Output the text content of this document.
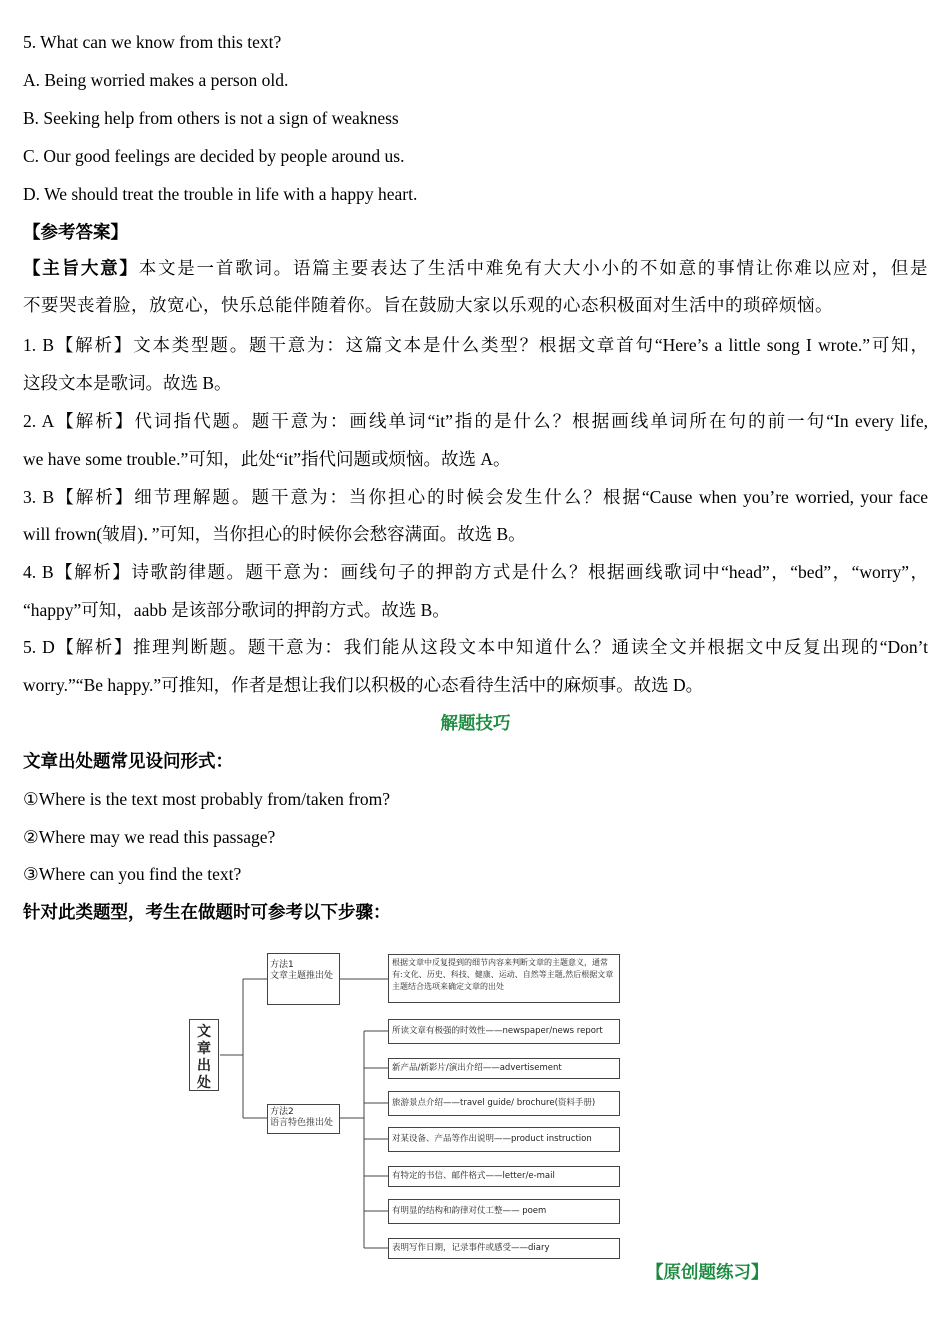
5. What can we know from this text?

A. Being worried makes a person old.

B. Seeking help from others is not a sign of weakness

C. Our good feelings are decided by people around us.

D. We should treat the trouble in life with a happy heart.

【参考答案】

【主旨大意】本文是一首歌词。语篇主要表达了生活中难免有大大小小的不如意的事情让你难以应对，但是

不要哭丧着脸，放宽心，快乐总能伴随着你。旨在鼓励大家以乐观的心态积极面对生活中的琐碎烦恼。

1. B【解析】文本类型题。题干意为：这篇文本是什么类型？根据文章首句“Here’s a little song I wrote.”可知，

这段文本是歌词。故选 B。

2. A【解析】代词指代题。题干意为：画线单词“it”指的是什么？根据画线单词所在句的前一句“In every life,

we have some trouble.”可知，此处“it”指代问题或烦恼。故选 A。

3. B【解析】细节理解题。题干意为：当你担心的时候会发生什么？根据“Cause when you’re worried, your face

will frown(皱眉)．”可知，当你担心的时候你会愁容满面。故选 B。

4. B【解析】诗歌韵律题。题干意为：画线句子的押韵方式是什么？根据画线歌词中“head”，“bed”，“worry”，

“happy”可知，aabb 是该部分歌词的押韵方式。故选 B。

5. D【解析】推理判断题。题干意为：我们能从这段文本中知道什么？通读全文并根据文中反复出现的“Don’t

worry.”“Be happy.”可推知，作者是想让我们以积极的心态看待生活中的麻烦事。故选 D。

解题技巧

文章出处题常见设问形式：

①Where is the text most probably from/taken from?

②Where may we read this passage?

③Where can you find the text?

针对此类题型，考生在做题时可参考以下步骤：

文章出处
方法1
文章主题推出处
方法2
语言特色推出处
根据文章中反复提到的细节内容来判断文章的主题意义，通常有:文化、历史、科技、健康、运动、自然等主题,然后根据文章主题结合选项来确定文章的出处
所读文章有极强的时效性——newspaper/news report
新产品/新影片/演出介绍——advertisement
旅游景点介绍——travel guide/ brochure(资料手册)
对某设备、产品等作出说明——product instruction
有特定的书信、邮件格式——letter/e-mail
有明显的结构和韵律对仗工整—— poem
表明写作日期，记录事件或感受——diary

【原创题练习】
